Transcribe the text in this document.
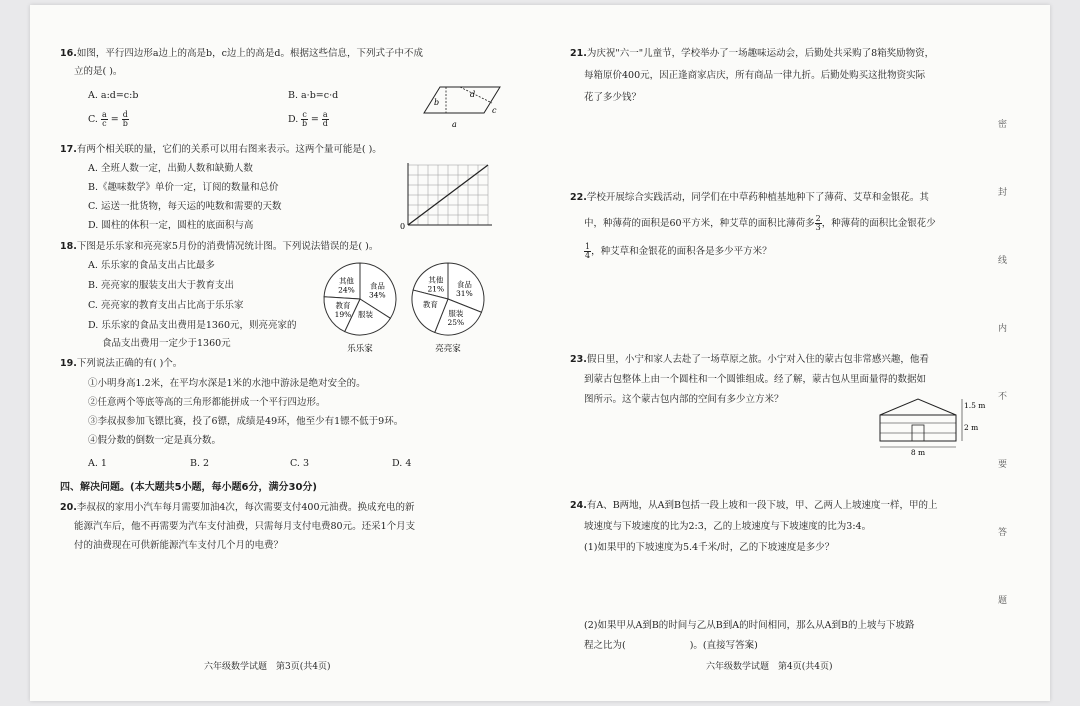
16.如图，平行四边形a边上的高是b，c边上的高是d。根据这些信息，下列式子中不成
立的是( )。
A. a:d=c:b	B. a·b=c·d
C. $\frac{a}{c} = \frac{d}{b}$	D. $\frac{c}{b} = \frac{a}{d}$
b
d
c
a
17.有两个相关联的量，它们的关系可以用右图来表示。这两个量可能是( )。
A. 全班人数一定，出勤人数和缺勤人数
B.《趣味数学》单价一定，订阅的数量和总价
C. 运送一批货物，每天运的吨数和需要的天数
D. 圆柱的体积一定，圆柱的底面积与高	0
18.下图是乐乐家和亮亮家5月份的消费情况统计图。下列说法错误的是( )。
A. 乐乐家的食品支出占比最多
B. 亮亮家的服装支出大于教育支出
C. 亮亮家的教育支出占比高于乐乐家
D. 乐乐家的食品支出费用是1360元，则亮亮家的
食品支出费用一定少于1360元
其他
24% 食品
34%
服装
教育
19%
其他
21% 食品
31%
服装
25%
教育
乐乐家	亮亮家
19.下列说法正确的有( )个。
①小明身高1.2米，在平均水深是1米的水池中游泳是绝对安全的。
②任意两个等底等高的三角形都能拼成一个平行四边形。
③李叔叔参加飞镖比赛，投了6镖，成绩是49环，他至少有1镖不低于9环。
④假分数的倒数一定是真分数。
A. 1	B. 2	C. 3	D. 4
四、解决问题。(本大题共5小题，每小题6分，满分30分)
20.李叔叔的家用小汽车每月需要加油4次，每次需要支付400元油费。换成充电的新
能源汽车后，他不再需要为汽车支付油费，只需每月支付电费80元。还采1个月支
付的油费现在可供新能源汽车支付几个月的电费？
六年级数学试题　第3页(共4页)
21.为庆祝"六一"儿童节，学校举办了一场趣味运动会，后勤处共采购了8箱奖励物资，
每箱原价400元，因正逢商家店庆，所有商品一律九折。后勤处购买这批物资实际
花了多少钱？
22.学校开展综合实践活动，同学们在中草药种植基地种下了薄荷、艾草和金银花。其
中，种薄荷的面积是60平方米，种艾草的面积比薄荷多 $\frac{2}{3}$ ，种薄荷的面积比金银花少
$\frac{1}{4}$ ，种艾草和金银花的面积各是多少平方米？
23.假日里，小宁和家人去赴了一场草原之旅。小宁对入住的蒙古包非常感兴趣，他看
到蒙古包整体上由一个圆柱和一个圆锥组成。经了解，蒙古包从里面量得的数据如
图所示。这个蒙古包内部的空间有多少立方米？
1.5 m
2 m
8 m
24.有A、B两地，从A到B包括一段上坡和一段下坡，甲、乙两人上坡速度一样，甲的上
坡速度与下坡速度的比为2:3，乙的上坡速度与下坡速度的比为3:4。
(1)如果甲的下坡速度为5.4千米/时，乙的下坡速度是多少？
(2)如果甲从A到B的时间与乙从B到A的时间相同，那么从A到B的上坡与下坡路
程之比为(	)。(直接写答案)
六年级数学试题　第4页(共4页)
密
封
线
内
不
要
答
题
